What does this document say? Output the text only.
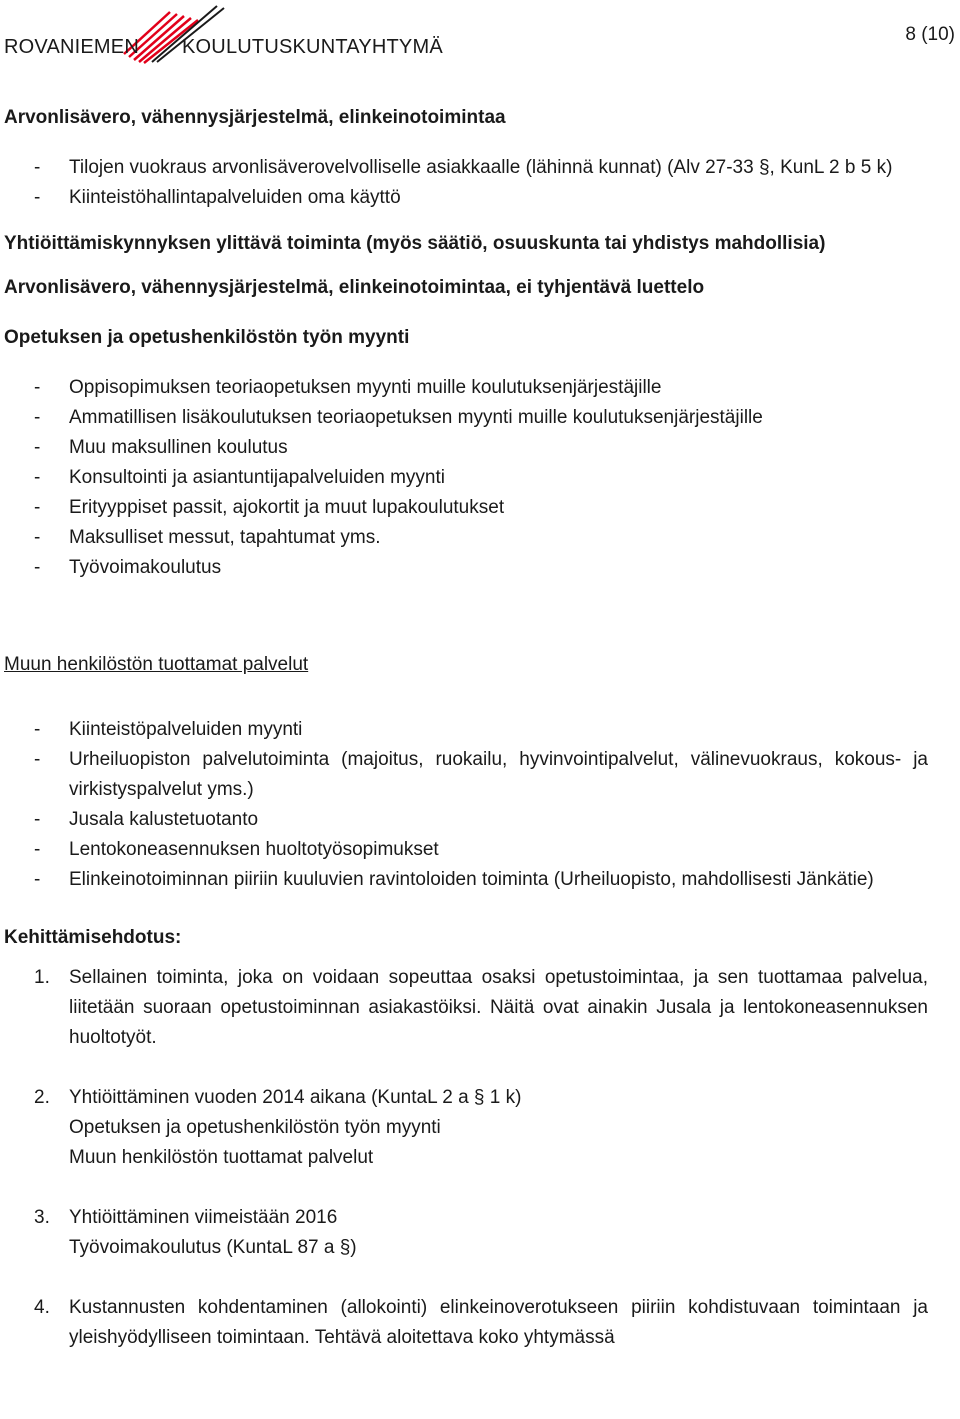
ROVANIEMEN KOULUTUSKUNTAYHTYMÄ
8 (10)

Arvonlisävero, vähennysjärjestelmä, elinkeinotoimintaa

- Tilojen vuokraus arvonlisäverovelvolliselle asiakkaalle (lähinnä kunnat) (Alv 27-33 §, KunL 2 b 5 k)
- Kiinteistöhallintapalveluiden oma käyttö

Yhtiöittämiskynnyksen ylittävä toiminta (myös säätiö, osuuskunta tai yhdistys mahdollisia)

Arvonlisävero, vähennysjärjestelmä, elinkeinotoimintaa, ei tyhjentävä luettelo

Opetuksen ja opetushenkilöstön työn myynti

- Oppisopimuksen teoriaopetuksen myynti muille koulutuksenjärjestäjille
- Ammatillisen lisäkoulutuksen teoriaopetuksen myynti muille koulutuksenjärjestäjille
- Muu maksullinen koulutus
- Konsultointi ja asiantuntijapalveluiden myynti
- Erityyppiset passit, ajokortit ja muut lupakoulutukset
- Maksulliset messut, tapahtumat yms.
- Työvoimakoulutus

Muun henkilöstön tuottamat palvelut

- Kiinteistöpalveluiden myynti
- Urheiluopiston palvelutoiminta (majoitus, ruokailu, hyvinvointipalvelut, välinevuokraus, kokous- ja virkistyspalvelut yms.)
- Jusala kalustetuotanto
- Lentokoneasennuksen huoltotyösopimukset
- Elinkeinotoiminnan piiriin kuuluvien ravintoloiden toiminta (Urheiluopisto, mahdollisesti Jänkätie)

Kehittämisehdotus:

1. Sellainen toiminta, joka on voidaan sopeuttaa osaksi opetustoimintaa, ja sen tuottamaa palvelua, liitetään suoraan opetustoiminnan asiakastöiksi. Näitä ovat ainakin Jusala ja lentokoneasennuksen huoltotyöt.
2. Yhtiöittäminen vuoden 2014 aikana (KuntaL 2 a § 1 k)
Opetuksen ja opetushenkilöstön työn myynti
Muun henkilöstön tuottamat palvelut
3. Yhtiöittäminen viimeistään 2016
Työvoimakoulutus (KuntaL 87 a §)
4. Kustannusten kohdentaminen (allokointi) elinkeinoverotukseen piiriin kohdistuvaan toimintaan ja yleishyödylliseen toimintaan. Tehtävä aloitettava koko yhtymässä
